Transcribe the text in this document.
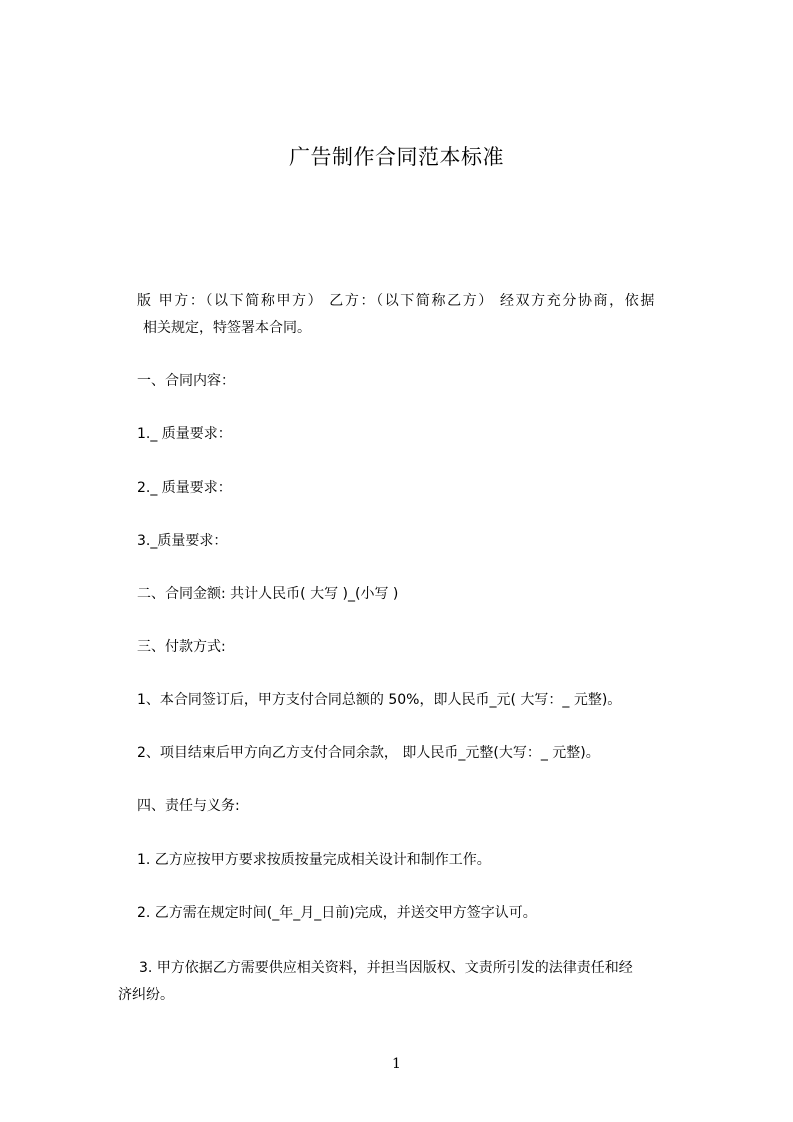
广告制作合同范本标准
版 甲方：（以下简称甲方） 乙方：（以下简称乙方） 经双方充分协商，依据
相关规定，特签署本合同。
一、合同内容：
1._ 质量要求：
2._ 质量要求：
3._质量要求：
二、合同金额: 共计人民币( 大写 )_(小写 )
三、付款方式:
1、本合同签订后，甲方支付合同总额的 50%，即人民币_元( 大写：_ 元整)。
2、项目结束后甲方向乙方支付合同余款， 即人民币_元整(大写：_ 元整)。
四、责任与义务:
1. 乙方应按甲方要求按质按量完成相关设计和制作工作。
2. 乙方需在规定时间(_年_月_日前)完成，并送交甲方签字认可。
3. 甲方依据乙方需要供应相关资料，并担当因版权、文责所引发的法律责任和经
济纠纷。
1
